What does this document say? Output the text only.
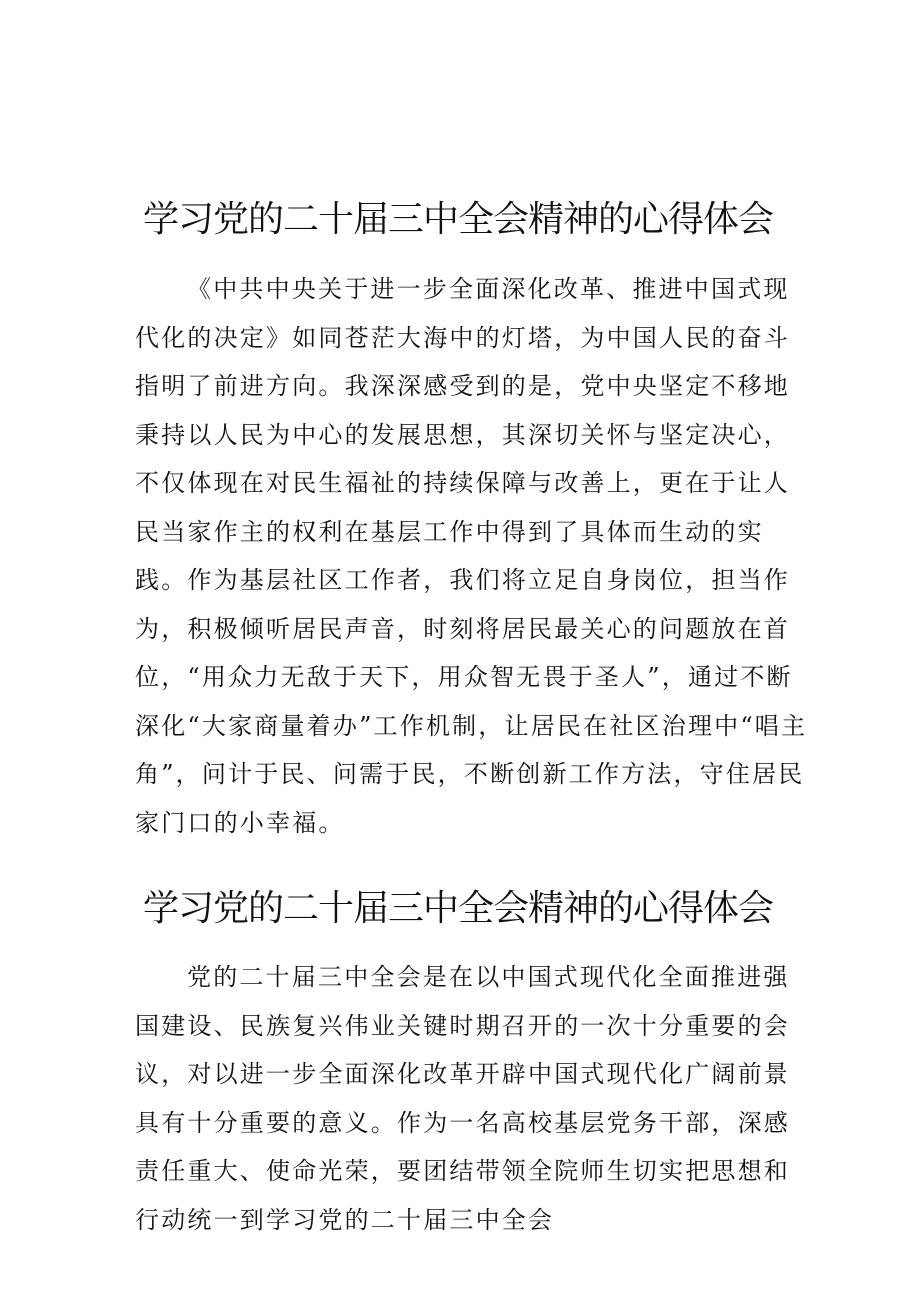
学习党的二十届三中全会精神的心得体会

《中共中央关于进一步全面深化改革、推进中国式现代化的决定》如同苍茫大海中的灯塔，为中国人民的奋斗指明了前进方向。我深深感受到的是，党中央坚定不移地秉持以人民为中心的发展思想，其深切关怀与坚定决心，不仅体现在对民生福祉的持续保障与改善上，更在于让人民当家作主的权利在基层工作中得到了具体而生动的实践。作为基层社区工作者，我们将立足自身岗位，担当作为，积极倾听居民声音，时刻将居民最关心的问题放在首位，“用众力无敌于天下，用众智无畏于圣人”，通过不断深化“大家商量着办”工作机制，让居民在社区治理中“唱主角”，问计于民、问需于民，不断创新工作方法，守住居民家门口的小幸福。

学习党的二十届三中全会精神的心得体会

党的二十届三中全会是在以中国式现代化全面推进强国建设、民族复兴伟业关键时期召开的一次十分重要的会议，对以进一步全面深化改革开辟中国式现代化广阔前景具有十分重要的意义。作为一名高校基层党务干部，深感责任重大、使命光荣，要团结带领全院师生切实把思想和行动统一到学习党的二十届三中全会
